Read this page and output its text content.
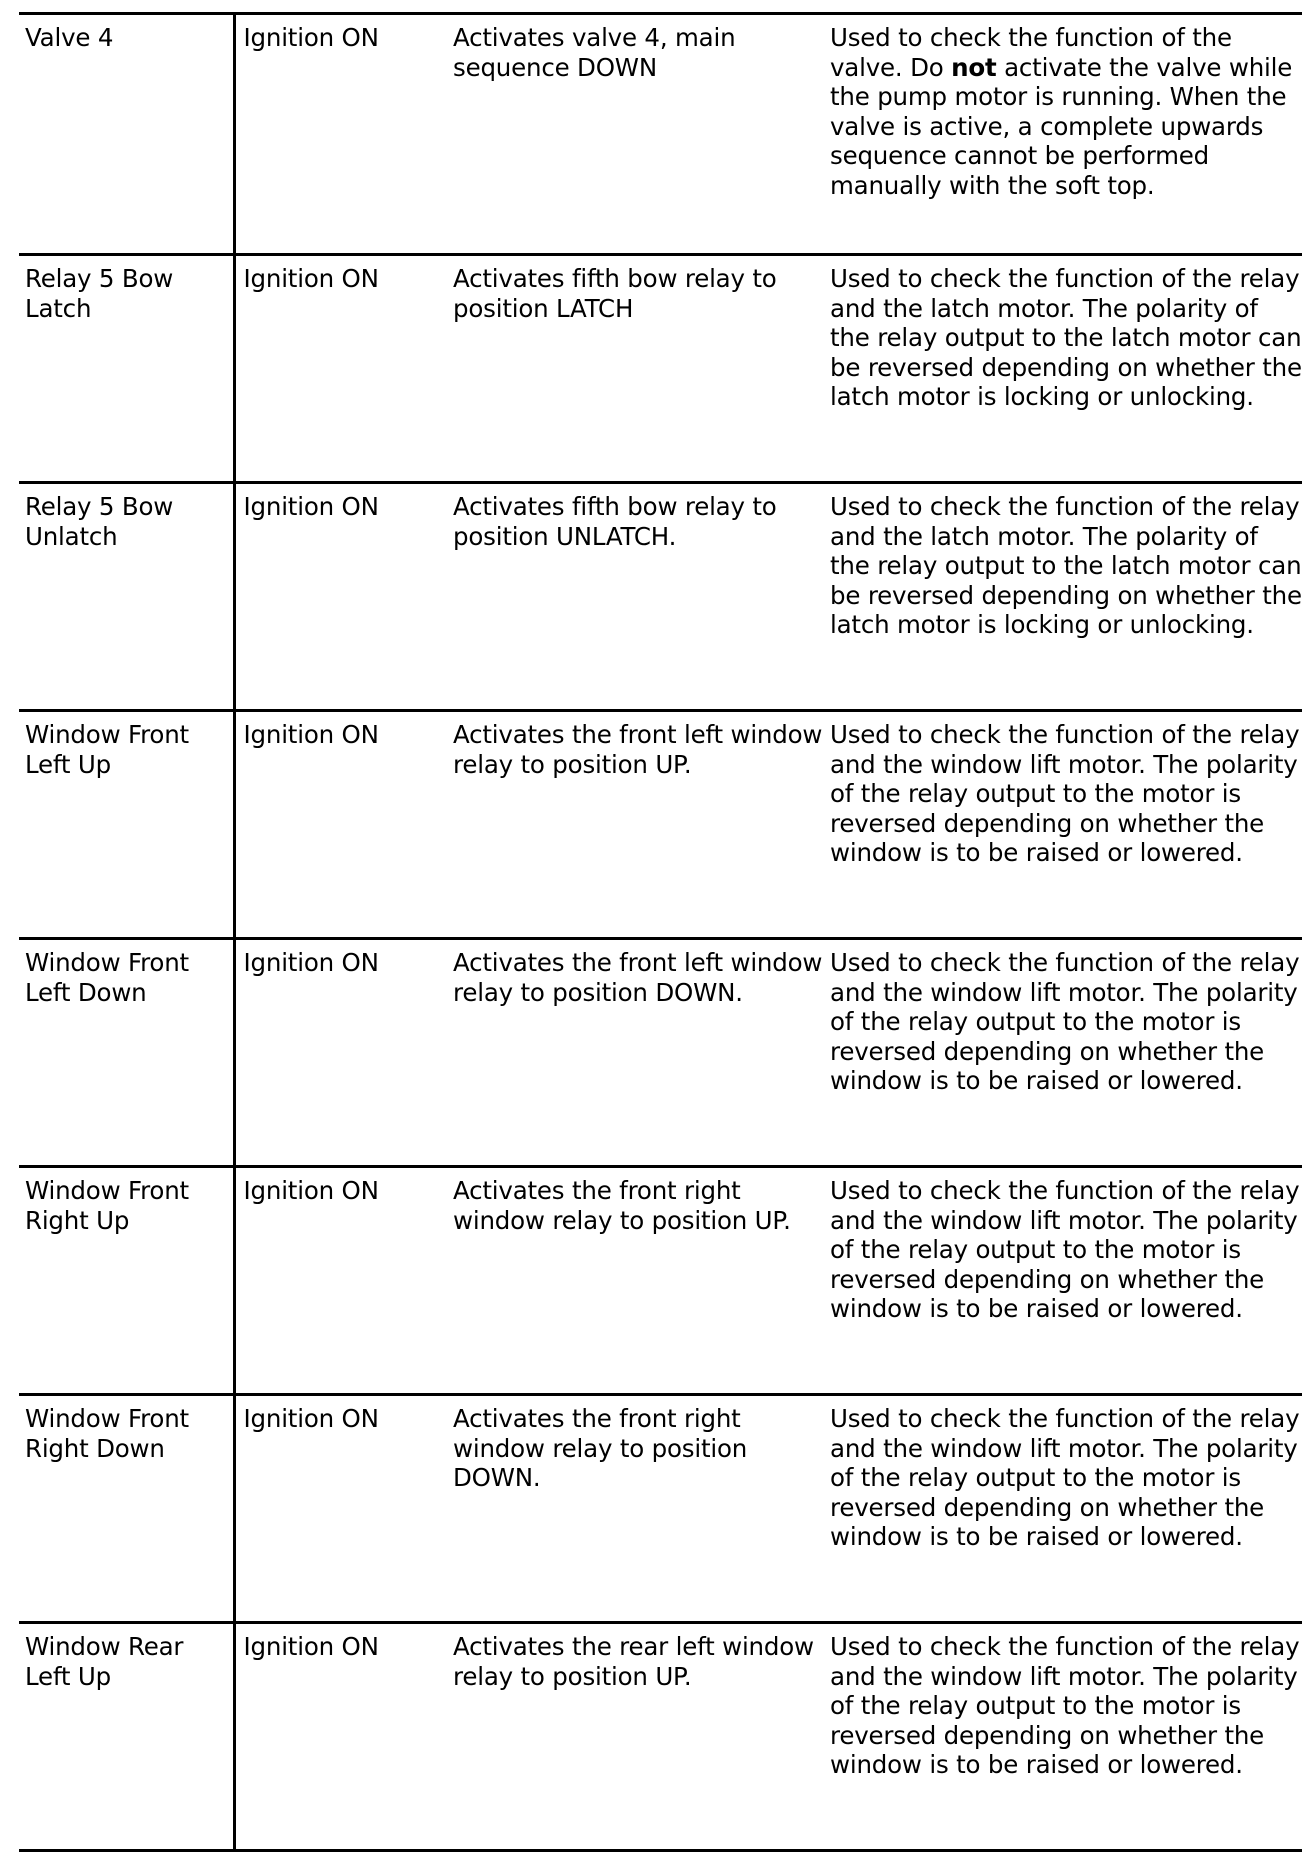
Valve 4	Ignition ON	Activates valve 4, main sequence DOWN	Used to check the function of the valve. Do not activate the valve while the pump motor is running. When the valve is active, a complete upwards sequence cannot be performed manually with the soft top.

Relay 5 Bow Latch	Ignition ON	Activates fifth bow relay to position LATCH	Used to check the function of the relay and the latch motor. The polarity of the relay output to the latch motor can be reversed depending on whether the latch motor is locking or unlocking.

Relay 5 Bow Unlatch	Ignition ON	Activates fifth bow relay to position UNLATCH.	Used to check the function of the relay and the latch motor. The polarity of the relay output to the latch motor can be reversed depending on whether the latch motor is locking or unlocking.

Window Front Left Up	Ignition ON	Activates the front left window relay to position UP.	Used to check the function of the relay and the window lift motor. The polarity of the relay output to the motor is reversed depending on whether the window is to be raised or lowered.

Window Front Left Down	Ignition ON	Activates the front left window relay to position DOWN.	Used to check the function of the relay and the window lift motor. The polarity of the relay output to the motor is reversed depending on whether the window is to be raised or lowered.

Window Front Right Up	Ignition ON	Activates the front right window relay to position UP.	Used to check the function of the relay and the window lift motor. The polarity of the relay output to the motor is reversed depending on whether the window is to be raised or lowered.

Window Front Right Down	Ignition ON	Activates the front right window relay to position DOWN.	Used to check the function of the relay and the window lift motor. The polarity of the relay output to the motor is reversed depending on whether the window is to be raised or lowered.

Window Rear Left Up	Ignition ON	Activates the rear left window relay to position UP.	Used to check the function of the relay and the window lift motor. The polarity of the relay output to the motor is reversed depending on whether the window is to be raised or lowered.
